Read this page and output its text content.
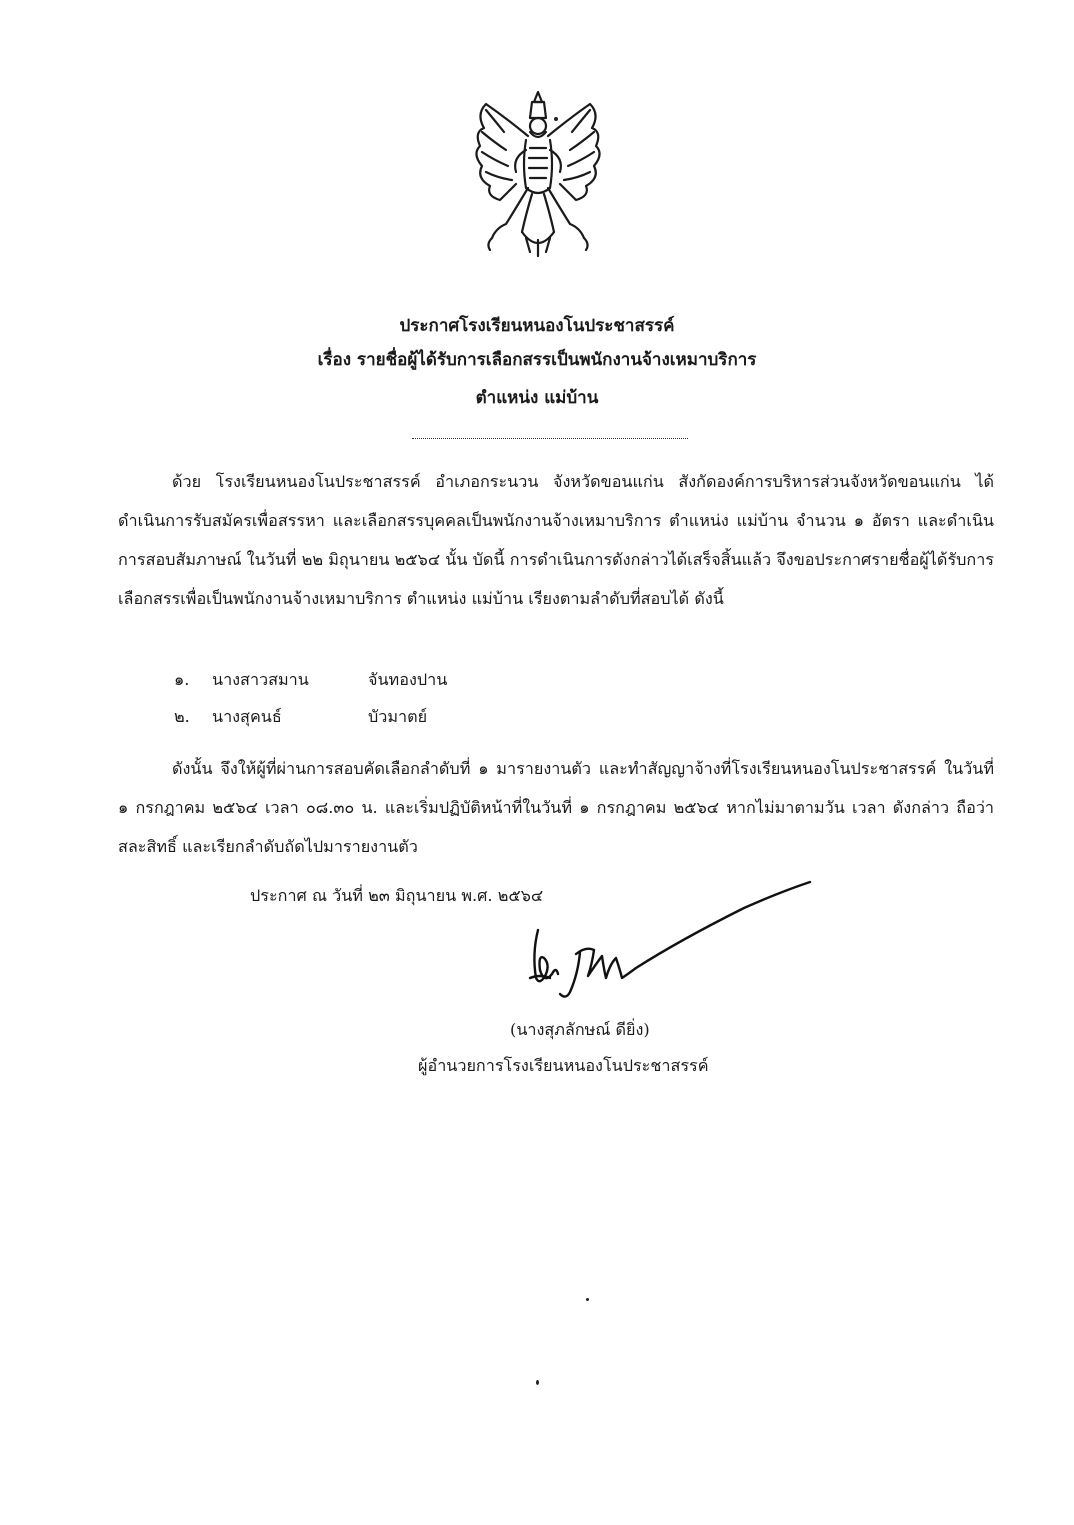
ประกาศโรงเรียนหนองโนประชาสรรค์
เรื่อง รายชื่อผู้ได้รับการเลือกสรรเป็นพนักงานจ้างเหมาบริการ
ตำแหน่ง แม่บ้าน

ด้วย โรงเรียนหนองโนประชาสรรค์ อำเภอกระนวน จังหวัดขอนแก่น สังกัดองค์การบริหารส่วนจังหวัดขอนแก่น ได้ดำเนินการรับสมัครเพื่อสรรหา และเลือกสรรบุคคลเป็นพนักงานจ้างเหมาบริการ ตำแหน่ง แม่บ้าน จำนวน ๑ อัตรา และดำเนินการสอบสัมภาษณ์ ในวันที่ ๒๒ มิถุนายน ๒๕๖๔ นั้น บัดนี้ การดำเนินการดังกล่าวได้เสร็จสิ้นแล้ว จึงขอประกาศรายชื่อผู้ได้รับการเลือกสรรเพื่อเป็นพนักงานจ้างเหมาบริการ ตำแหน่ง แม่บ้าน เรียงตามลำดับที่สอบได้ ดังนี้

๑. นางสาวสมาน	จันทองปาน
๒. นางสุคนธ์	บัวมาตย์

ดังนั้น จึงให้ผู้ที่ผ่านการสอบคัดเลือกลำดับที่ ๑ มารายงานตัว และทำสัญญาจ้างที่โรงเรียนหนองโนประชาสรรค์ ในวันที่ ๑ กรกฎาคม ๒๕๖๔ เวลา ๐๘.๓๐ น. และเริ่มปฏิบัติหน้าที่ในวันที่ ๑ กรกฎาคม ๒๕๖๔ หากไม่มาตามวัน เวลา ดังกล่าว ถือว่าสละสิทธิ์ และเรียกลำดับถัดไปมารายงานตัว

ประกาศ ณ วันที่ ๒๓ มิถุนายน พ.ศ. ๒๕๖๔
(นางสุภลักษณ์ ดียิ่ง)
ผู้อำนวยการโรงเรียนหนองโนประชาสรรค์
